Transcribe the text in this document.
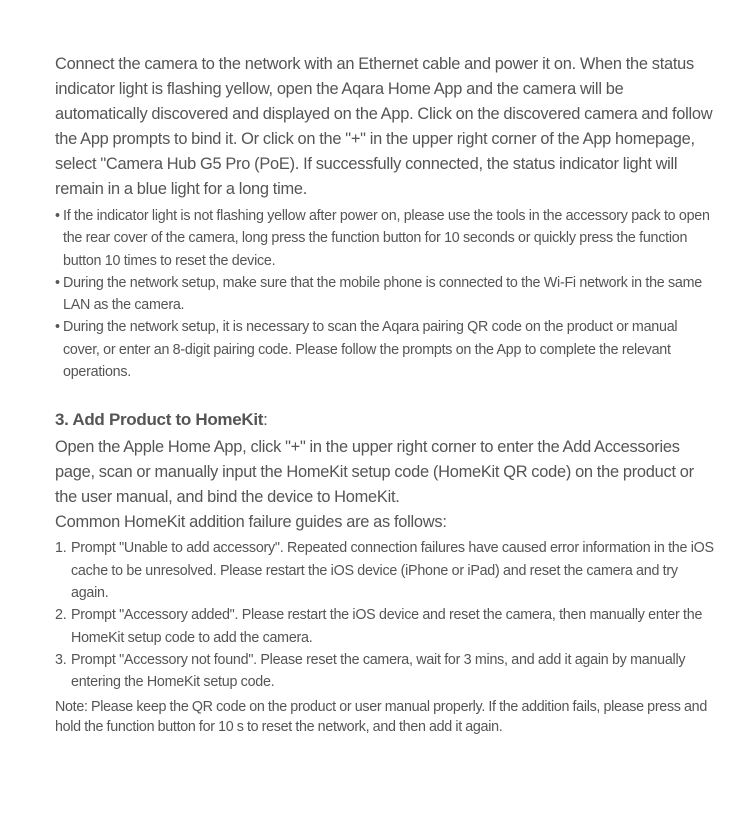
Connect the camera to the network with an Ethernet cable and power it on. When the status indicator light is flashing yellow, open the Aqara Home App and the camera will be automatically discovered and displayed on the App. Click on the discovered camera and follow the App prompts to bind it. Or click on the "+" in the upper right corner of the App homepage, select "Camera Hub G5 Pro (PoE). If successfully connected, the status indicator light will remain in a blue light for a long time.

• If the indicator light is not flashing yellow after power on, please use the tools in the accessory pack to open the rear cover of the camera, long press the function button for 10 seconds or quickly press the function button 10 times to reset the device.
• During the network setup, make sure that the mobile phone is connected to the Wi-Fi network in the same LAN as the camera.
• During the network setup, it is necessary to scan the Aqara pairing QR code on the product or manual cover, or enter an 8-digit pairing code. Please follow the prompts on the App to complete the relevant operations.
3. Add Product to HomeKit:

Open the Apple Home App, click "+" in the upper right corner to enter the Add Accessories page, scan or manually input the HomeKit setup code (HomeKit QR code) on the product or the user manual, and bind the device to HomeKit.
Common HomeKit addition failure guides are as follows:

1. Prompt "Unable to add accessory". Repeated connection failures have caused error information in the iOS cache to be unresolved. Please restart the iOS device (iPhone or iPad) and reset the camera and try again.
2. Prompt "Accessory added". Please restart the iOS device and reset the camera, then manually enter the HomeKit setup code to add the camera.
3. Prompt "Accessory not found". Please reset the camera, wait for 3 mins, and add it again by manually entering the HomeKit setup code.

Note: Please keep the QR code on the product or user manual properly. If the addition fails, please press and hold the function button for 10 s to reset the network, and then add it again.
